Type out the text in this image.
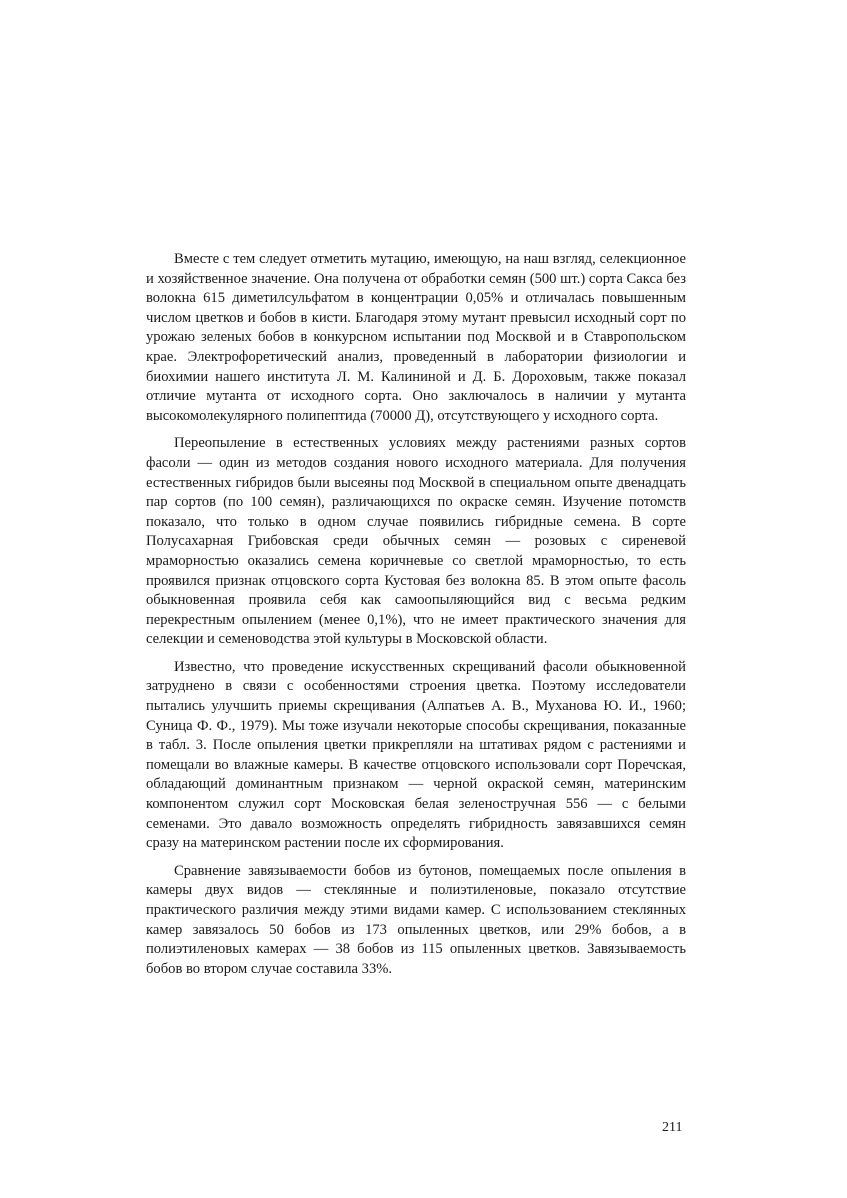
Вместе с тем следует отметить мутацию, имеющую, на наш взгляд, селекционное и хозяйственное значение. Она получена от обработки семян (500 шт.) сорта Сакса без волокна 615 диметилсульфатом в концентрации 0,05% и отличалась повышенным числом цветков и бобов в кисти. Благодаря этому мутант превысил исходный сорт по урожаю зеленых бобов в конкурсном испытании под Москвой и в Ставропольском крае. Электрофоретический анализ, проведенный в лаборатории физиологии и биохимии нашего института Л. М. Калининой и Д. Б. Дороховым, также показал отличие мутанта от исходного сорта. Оно заключалось в наличии у мутанта высокомолекулярного полипептида (70000 Д), отсутствующего у исходного сорта.

Переопыление в естественных условиях между растениями разных сортов фасоли — один из методов создания нового исходного материала. Для получения естественных гибридов были высеяны под Москвой в специальном опыте двенадцать пар сортов (по 100 семян), различающихся по окраске семян. Изучение потомств показало, что только в одном случае появились гибридные семена. В сорте Полусахарная Грибовская среди обычных семян — розовых с сиреневой мраморностью оказались семена коричневые со светлой мраморностью, то есть проявился признак отцовского сорта Кустовая без волокна 85. В этом опыте фасоль обыкновенная проявила себя как самоопыляющийся вид с весьма редким перекрестным опылением (менее 0,1%), что не имеет практического значения для селекции и семеноводства этой культуры в Московской области.

Известно, что проведение искусственных скрещиваний фасоли обыкновенной затруднено в связи с особенностями строения цветка. Поэтому исследователи пытались улучшить приемы скрещивания (Алпатьев А. В., Муханова Ю. И., 1960; Суница Ф. Ф., 1979). Мы тоже изучали некоторые способы скрещивания, показанные в табл. 3. После опыления цветки прикрепляли на штативах рядом с растениями и помещали во влажные камеры. В качестве отцовского использовали сорт Поречская, обладающий доминантным признаком — черной окраской семян, материнским компонентом служил сорт Московская белая зеленостручная 556 — с белыми семенами. Это давало возможность определять гибридность завязавшихся семян сразу на материнском растении после их сформирования.

Сравнение завязываемости бобов из бутонов, помещаемых после опыления в камеры двух видов — стеклянные и полиэтиленовые, показало отсутствие практического различия между этими видами камер. С использованием стеклянных камер завязалось 50 бобов из 173 опыленных цветков, или 29% бобов, а в полиэтиленовых камерах — 38 бобов из 115 опыленных цветков. Завязываемость бобов во втором случае составила 33%.

211
